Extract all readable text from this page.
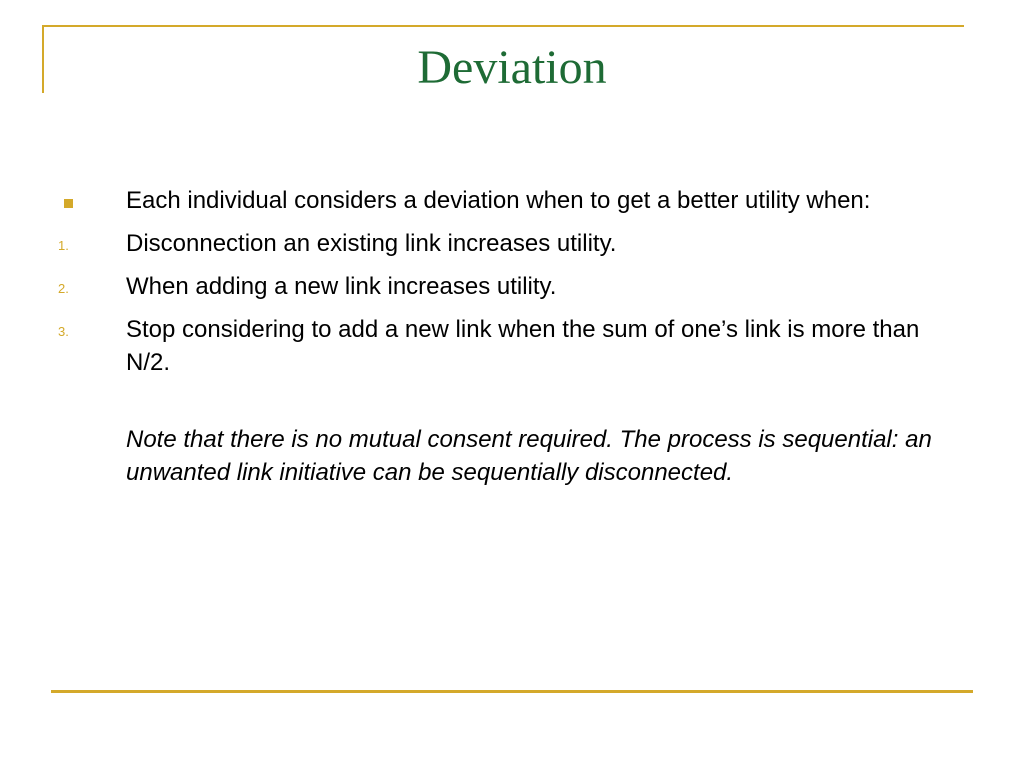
Deviation
Each individual considers a deviation when to get a better utility when:
1. Disconnection an existing link increases utility.
2. When adding a new link increases utility.
3. Stop considering to add a new link when the sum of one’s link is more than N/2.
Note that there is no mutual consent required. The process is sequential: an unwanted link initiative can be sequentially disconnected.
